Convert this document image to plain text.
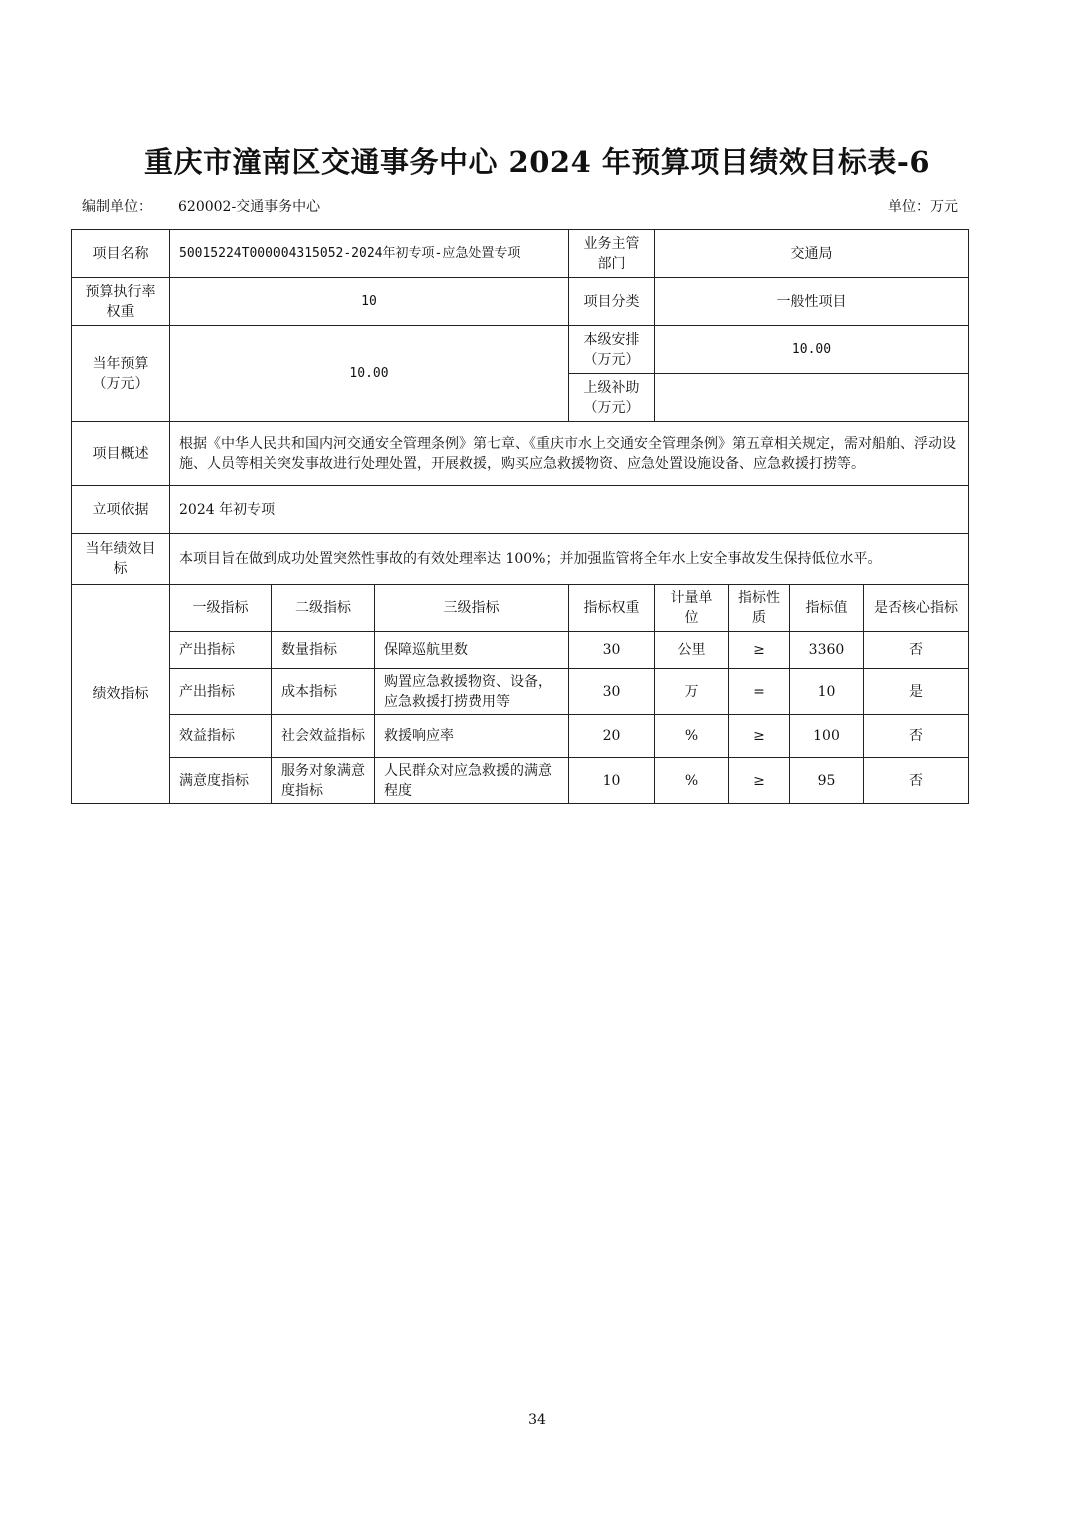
重庆市潼南区交通事务中心 2024 年预算项目绩效目标表-6
编制单位： 620002-交通事务中心	单位：万元
项目名称	50015224T000004315052-2024年初专项-应急处置专项			业务主管部门	交通局			
预算执行率权重	10			项目分类	一般性项目			
当年预算（万元）	10.00			本级安排（万元）	10.00			
				上级补助（万元）				
项目概述	根据《中华人民共和国内河交通安全管理条例》第七章、《重庆市水上交通安全管理条例》第五章相关规定，需对船舶、浮动设施、人员等相关突发事故进行处理处置，开展救援，购买应急救援物资、应急处置设施设备、应急救援打捞等。							
立项依据	2024 年初专项							
当年绩效目标	本项目旨在做到成功处置突然性事故的有效处理率达 100%；并加强监管将全年水上安全事故发生保持低位水平。							
绩效指标	一级指标	二级指标	三级指标	指标权重	计量单位	指标性质	指标值	是否核心指标
	产出指标	数量指标	保障巡航里数	30	公里	≥	3360	否
	产出指标	成本指标	购置应急救援物资、设备，应急救援打捞费用等	30	万	=	10	是
	效益指标	社会效益指标	救援响应率	20	%	≥	100	否
	满意度指标	服务对象满意度指标	人民群众对应急救援的满意程度	10	%	≥	95	否
34
